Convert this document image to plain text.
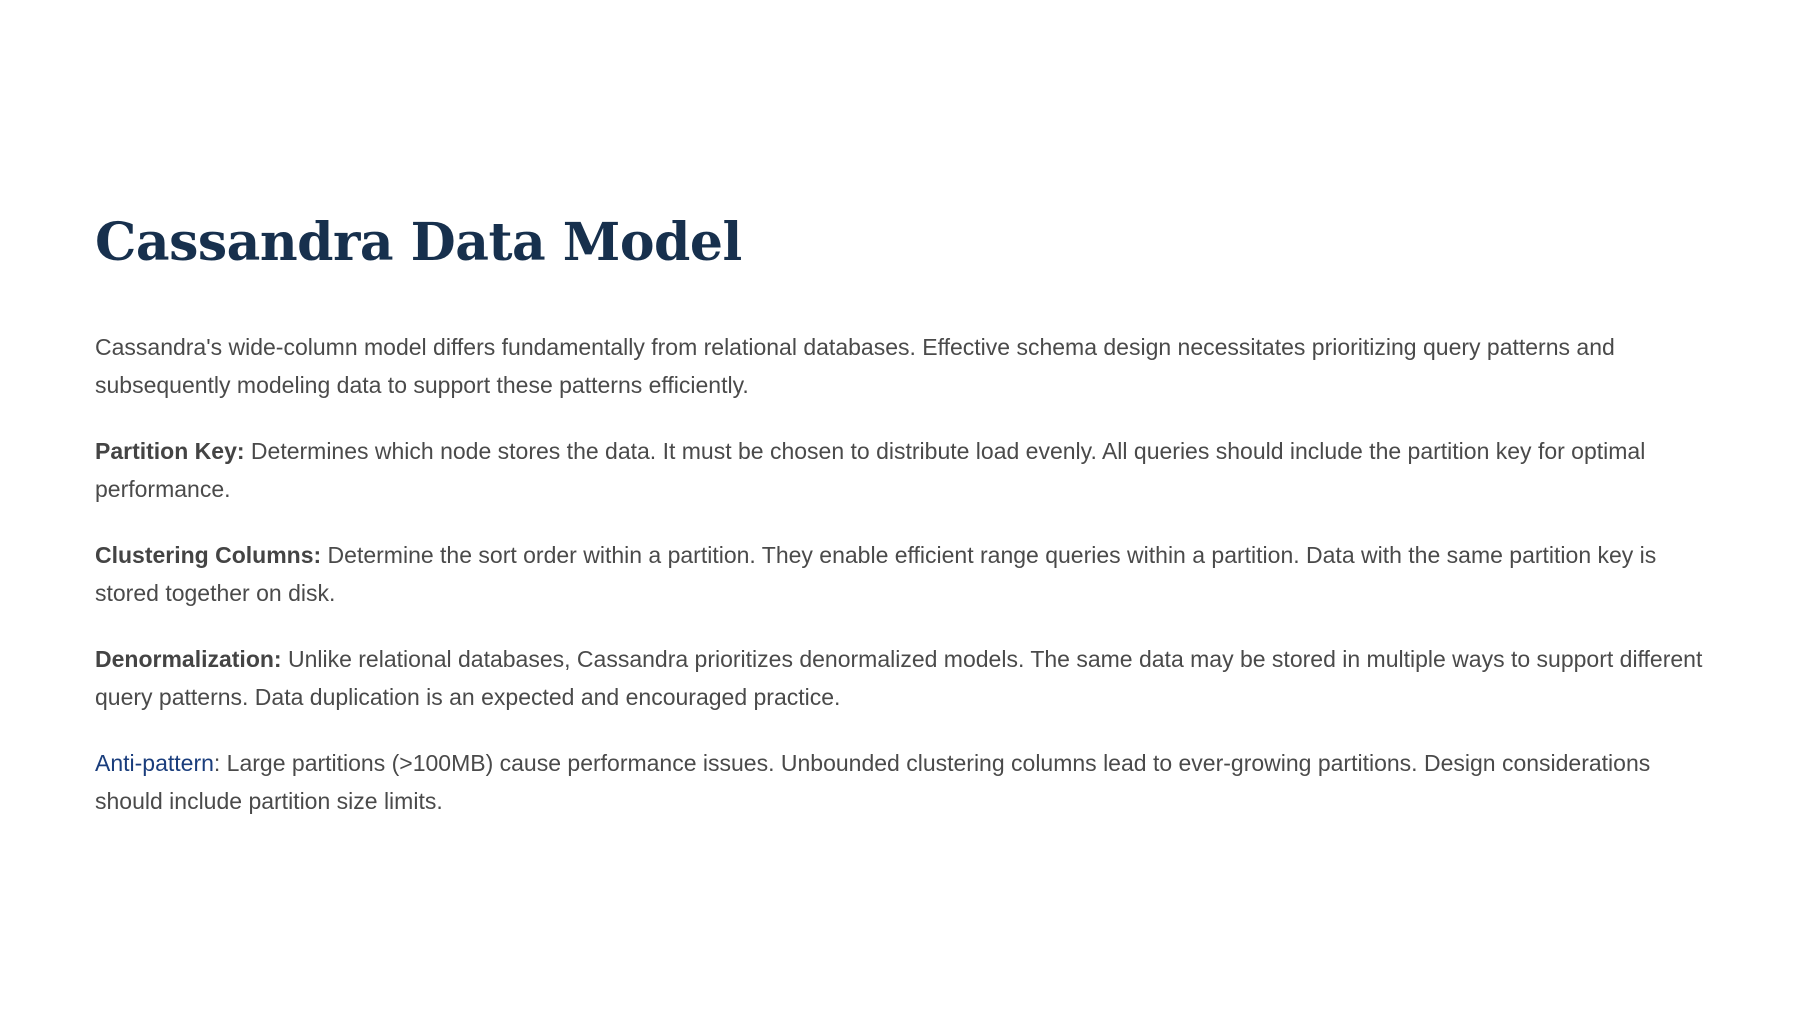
Cassandra Data Model

Cassandra's wide-column model differs fundamentally from relational databases. Effective schema design necessitates prioritizing query patterns and subsequently modeling data to support these patterns efficiently.

Partition Key: Determines which node stores the data. It must be chosen to distribute load evenly. All queries should include the partition key for optimal performance.

Clustering Columns: Determine the sort order within a partition. They enable efficient range queries within a partition. Data with the same partition key is stored together on disk.

Denormalization: Unlike relational databases, Cassandra prioritizes denormalized models. The same data may be stored in multiple ways to support different query patterns. Data duplication is an expected and encouraged practice.

Anti-pattern: Large partitions (>100MB) cause performance issues. Unbounded clustering columns lead to ever-growing partitions. Design considerations should include partition size limits.
